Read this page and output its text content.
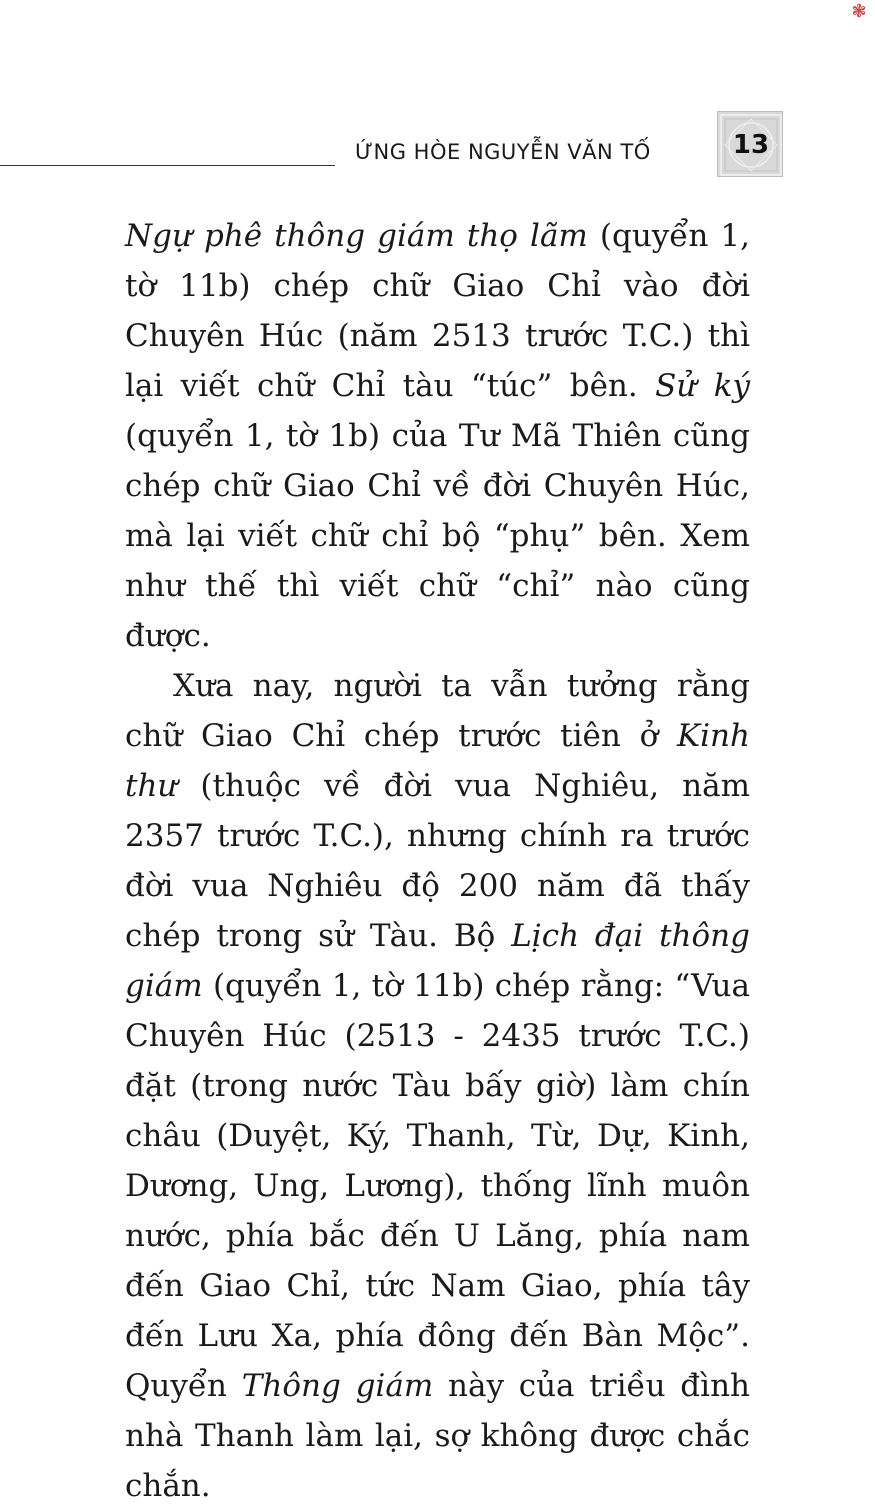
❃
ỨNG HÒE NGUYỄN VĂN TỐ	13

Ngự phê thông giám thọ lãm (quyển 1, tờ 11b) chép chữ Giao Chỉ vào đời Chuyên Húc (năm 2513 trước T.C.) thì lại viết chữ Chỉ tàu “túc” bên. Sử ký (quyển 1, tờ 1b) của Tư Mã Thiên cũng chép chữ Giao Chỉ về đời Chuyên Húc, mà lại viết chữ chỉ bộ “phụ” bên. Xem như thế thì viết chữ “chỉ” nào cũng được.

Xưa nay, người ta vẫn tưởng rằng chữ Giao Chỉ chép trước tiên ở Kinh thư (thuộc về đời vua Nghiêu, năm 2357 trước T.C.), nhưng chính ra trước đời vua Nghiêu độ 200 năm đã thấy chép trong sử Tàu. Bộ Lịch đại thông giám (quyển 1, tờ 11b) chép rằng: “Vua Chuyên Húc (2513 - 2435 trước T.C.) đặt (trong nước Tàu bấy giờ) làm chín châu (Duyệt, Ký, Thanh, Từ, Dự, Kinh, Dương, Ung, Lương), thống lĩnh muôn nước, phía bắc đến U Lăng, phía nam đến Giao Chỉ, tức Nam Giao, phía tây đến Lưu Xa, phía đông đến Bàn Mộc”. Quyển Thông giám này của triều đình nhà Thanh làm lại, sợ không được chắc chắn.
